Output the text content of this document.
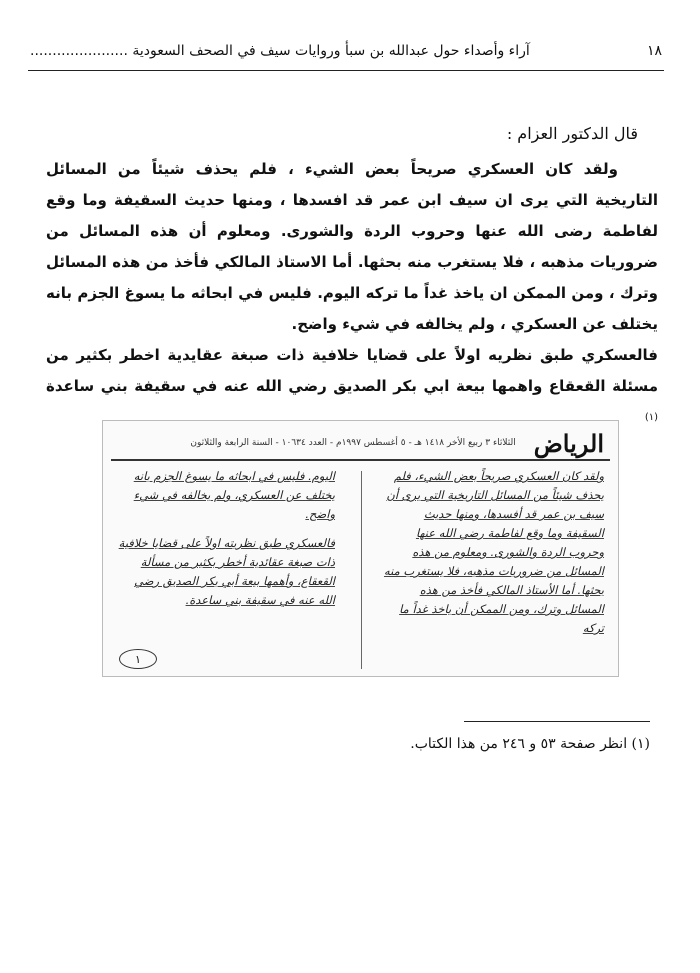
١٨
آراء وأصداء حول عبدالله بن سبأ وروايات سيف في الصحف السعودية ......................
قال الدكتور العزام :

ولقد كان العسكري صريحاً بعض الشيء ، فلم يحذف شيئاً من المسائل التاريخية التي يرى ان سيف ابن عمر قد افسدها ، ومنها حديث السقيفة وما وقع لفاطمة رضى الله عنها وحروب الردة والشورى. ومعلوم أن هذه المسائل من ضروريات مذهبه ، فلا يستغرب منه بحثها. أما الاستاذ المالكي فأخذ من هذه المسائل وترك ، ومن الممكن ان ياخذ غداً ما تركه اليوم. فليس في ابحاثه ما يسوغ الجزم بانه يختلف عن العسكري ، ولم يخالفه في شيء واضح.

فالعسكري طبق نظريه اولاً على قضايا خلافية ذات صبغة عقايدية اخطر بكثير من مسئلة القعقاع واهمها بيعة ابي بكر الصديق رضي الله عنه في سقيفة بني ساعدة $^{(١)}$

الرياض
الثلاثاء ٣ ربيع الأخر ١٤١٨ هـ - ٥ أغسطس ١٩٩٧م - العدد ١٠٦٣٤ - السنة الرابعة والثلاثون

ولقد كان العسكري صريحاً بعض الشيء، فلم يحذف شيئاً من المسائل التاريخية التي يرى أن سيف بن عمر قد أفسدها، ومنها حديث السقيفة وما وقع لفاطمة رضي الله عنها وحروب الردة والشورى. ومعلوم من هذه المسائل من ضروريات مذهبه، فلا يستغرب منه بحثها. أما الأستاذ المالكي فأخذ من هذه المسائل وترك، ومن الممكن أن ياخذ غداً ما تركه

اليوم. فليس في ابحاثه ما يسوغ الجزم بانه يختلف عن العسكري، ولم يخالفه في شيء واضح.

فالعسكري طبق نظريته اولاً على قضايا خلافية ذات صبغة عقائدية أخطر بكثير من مسألة القعقاع، وأهمها بيعة أبي بكر الصديق رضي الله عنه في سقيفة بني ساعدة.

١
(١) انظر صفحة ٥٣ و ٢٤٦ من هذا الكتاب.
